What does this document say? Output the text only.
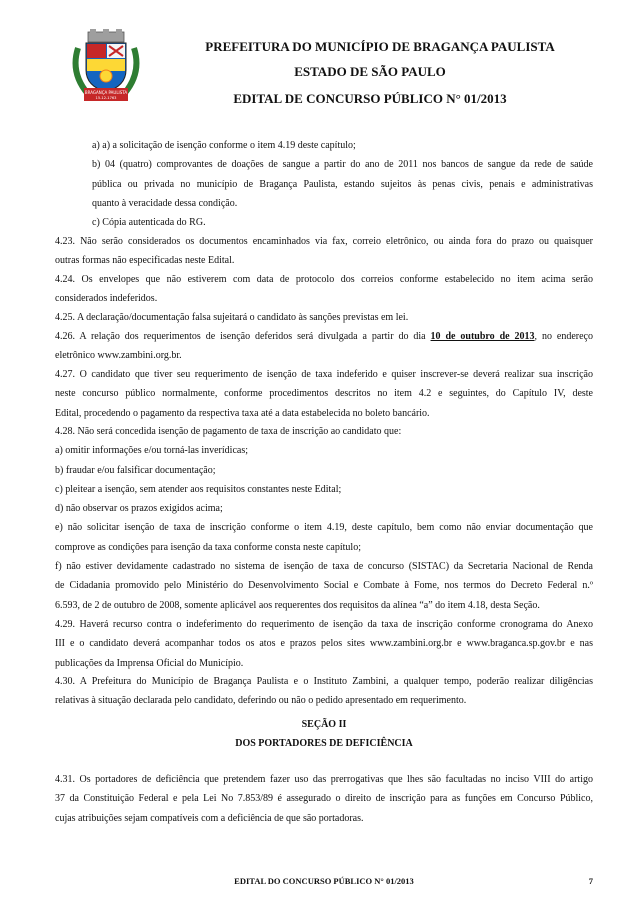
BRAGANÇA PAULISTA
15-12-1763
PREFEITURA DO MUNICÍPIO DE BRAGANÇA PAULISTA
ESTADO DE SÃO PAULO
EDITAL DE CONCURSO PÚBLICO N° 01/2013
a) a) a solicitação de isenção conforme o item 4.19 deste capítulo;
b) 04 (quatro) comprovantes de doações de sangue a partir do ano de 2011 nos bancos de sangue da rede de saúde
pública ou privada no município de Bragança Paulista, estando sujeitos às penas civis, penais e administrativas
quanto à veracidade dessa condição.
c) Cópia autenticada do RG.
4.23. Não serão considerados os documentos encaminhados via fax, correio eletrônico, ou ainda fora do prazo ou quaisquer
outras formas não especificadas neste Edital.
4.24. Os envelopes que não estiverem com data de protocolo dos correios conforme estabelecido no item acima serão
considerados indeferidos.
4.25. A declaração/documentação falsa sujeitará o candidato às sanções previstas em lei.
4.26. A relação dos requerimentos de isenção deferidos será divulgada a partir do dia 10 de outubro de 2013, no endereço
eletrônico www.zambini.org.br.
4.27. O candidato que tiver seu requerimento de isenção de taxa indeferido e quiser inscrever-se deverá realizar sua inscrição
neste concurso público normalmente, conforme procedimentos descritos no item 4.2 e seguintes, do Capítulo IV, deste
Edital, procedendo o pagamento da respectiva taxa até a data estabelecida no boleto bancário.
4.28. Não será concedida isenção de pagamento de taxa de inscrição ao candidato que:
a) omitir informações e/ou torná-las inverídicas;
b) fraudar e/ou falsificar documentação;
c) pleitear a isenção, sem atender aos requisitos constantes neste Edital;
d) não observar os prazos exigidos acima;
e) não solicitar isenção de taxa de inscrição conforme o item 4.19, deste capítulo, bem como não enviar documentação que
comprove as condições para isenção da taxa conforme consta neste capítulo;
f) não estiver devidamente cadastrado no sistema de isenção de taxa de concurso (SISTAC) da Secretaria Nacional de Renda
de Cidadania promovido pelo Ministério do Desenvolvimento Social e Combate à Fome, nos termos do Decreto Federal n.º
6.593, de 2 de outubro de 2008, somente aplicável aos requerentes dos requisitos da alínea “a” do item 4.18, desta Seção.
4.29. Haverá recurso contra o indeferimento do requerimento de isenção da taxa de inscrição conforme cronograma do Anexo
III e o candidato deverá acompanhar todos os atos e prazos pelos sites www.zambini.org.br e www.braganca.sp.gov.br e nas
publicações da Imprensa Oficial do Município.
4.30. A Prefeitura do Município de Bragança Paulista e o Instituto Zambini, a qualquer tempo, poderão realizar diligências
relativas à situação declarada pelo candidato, deferindo ou não o pedido apresentado em requerimento.
SEÇÃO II
DOS PORTADORES DE DEFICIÊNCIA
4.31. Os portadores de deficiência que pretendem fazer uso das prerrogativas que lhes são facultadas no inciso VIII do artigo
37 da Constituição Federal e pela Lei No 7.853/89 é assegurado o direito de inscrição para as funções em Concurso Público,
cujas atribuições sejam compatíveis com a deficiência de que são portadoras.
EDITAL DO CONCURSO PÚBLICO N° 01/2013	7
